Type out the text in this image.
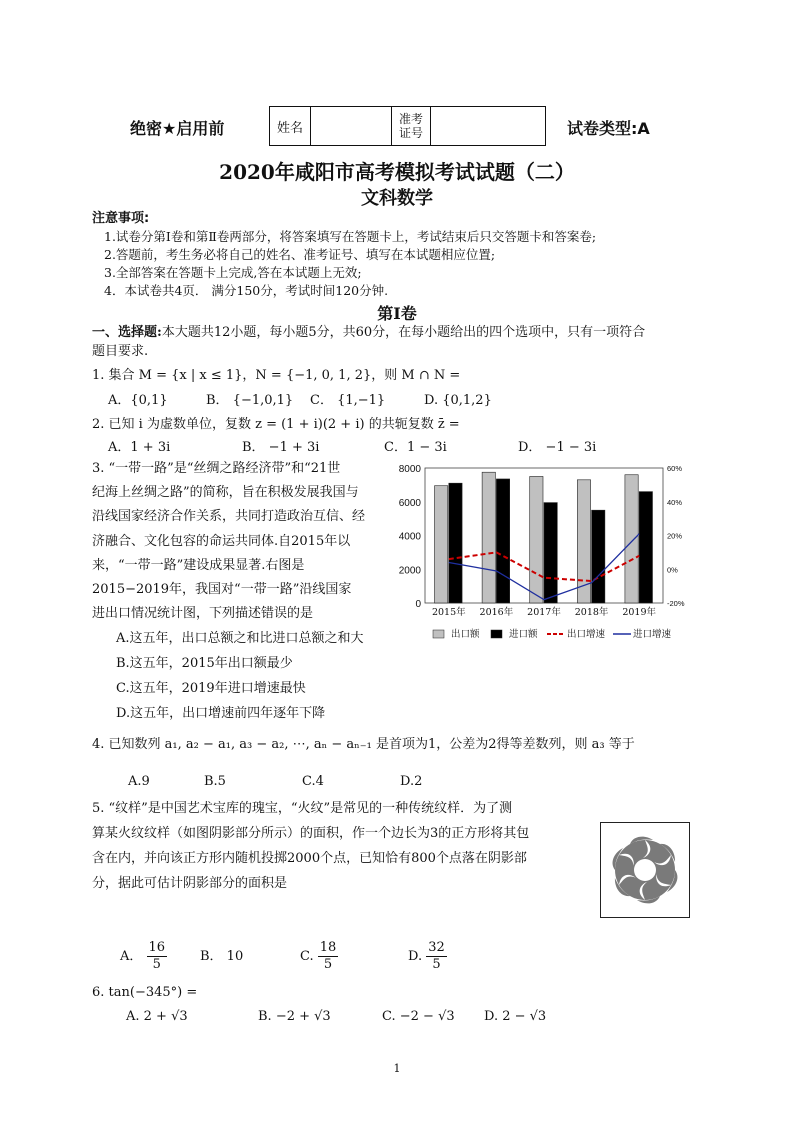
绝密★启用前	姓名
准考证号	试卷类型:A
2020年咸阳市高考模拟考试试题（二）
文科数学
注意事项:
1.试卷分第Ⅰ卷和第Ⅱ卷两部分，将答案填写在答题卡上，考试结束后只交答题卡和答案卷;
2.答题前，考生务必将自己的姓名、准考证号、填写在本试题相应位置;
3.全部答案在答题卡上完成,答在本试题上无效;
4．本试卷共4页． 满分150分，考试时间120分钟.
第Ⅰ卷
一、选择题:本大题共12小题，每小题5分，共60分，在每小题给出的四个选项中，只有一项符合
题目要求.
1. 集合 M = {x | x ≤ 1}，N = {−1, 0, 1, 2}，则 M ∩ N =
A．{0,1}	B． {−1,0,1} C． {1,−1}	D. {0,1,2}
2. 已知 i 为虚数单位，复数 z = (1 + i)(2 + i) 的共轭复数 z̄ =
A．1 + 3i	B． −1 + 3i	C．1 − 3i	D． −1 − 3i
3. “一带一路”是“丝绸之路经济带”和“21世
纪海上丝绸之路”的简称，旨在积极发展我国与
沿线国家经济合作关系，共同打造政治互信、经
济融合、文化包容的命运共同体.自2015年以
来，“一带一路”建设成果显著.右图是
2015−2019年，我国对“一带一路”沿线国家
进出口情况统计图，下列描述错误的是
A.这五年，出口总额之和比进口总额之和大
B.这五年，2015年出口额最少
C.这五年，2019年进口增速最快
D.这五年，出口增速前四年逐年下降
0
2000
4000
6000
8000
-20%
0%
20%
40%
60%
2015年 2016年 2017年 2018年 2019年
出口额	进口额	出口增速	进口增速
4. 已知数列 a₁, a₂ − a₁, a₃ − a₂, ⋯, aₙ − aₙ₋₁ 是首项为1，公差为2得等差数列，则 a₃ 等于
A.9	B.5	C.4	D.2
5. “纹样”是中国艺术宝库的瑰宝，“火纹”是常见的一种传统纹样．为了测
算某火纹纹样（如图阴影部分所示）的面积，作一个边长为3的正方形将其包
含在内，并向该正方形内随机投掷2000个点，已知恰有800个点落在阴影部
分，据此可估计阴影部分的面积是
A． $\frac{16}{5}$	B． 10	C. $\frac{18}{5}$	D. $\frac{32}{5}$
6. tan(−345°) =
A. 2 + √3	B. −2 + √3	C. −2 − √3 D. 2 − √3
1
